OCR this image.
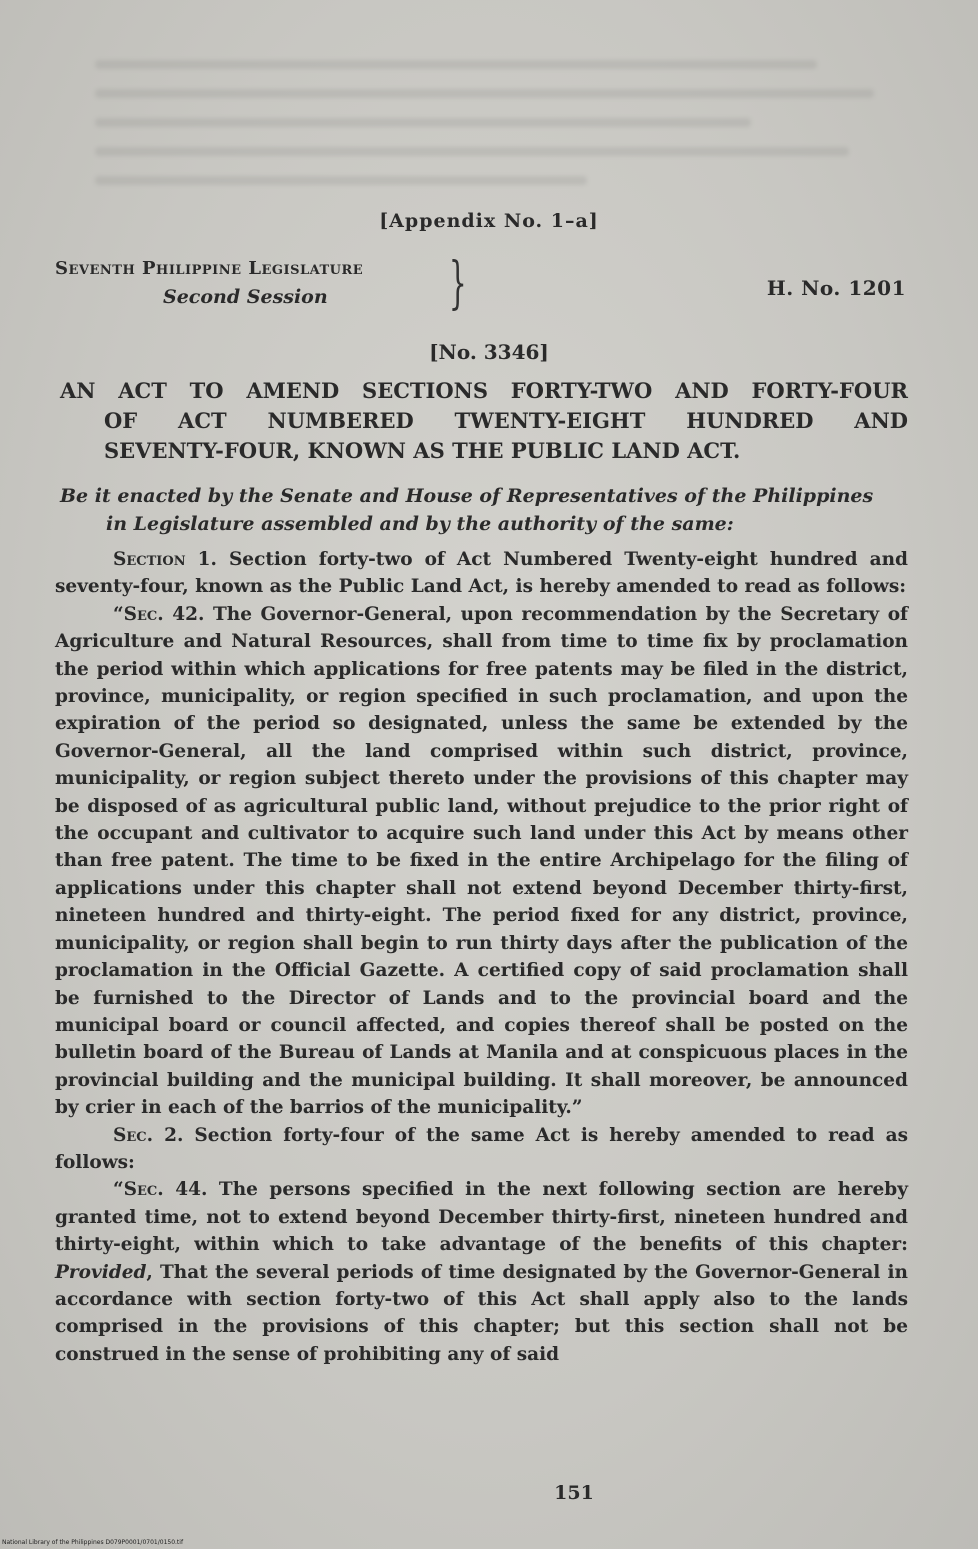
[Appendix No. 1–a]
Seventh Philippine Legislature
Second Session }	H. No. 1201
[No. 3346]
AN ACT TO AMEND SECTIONS FORTY-TWO AND FORTY-FOUR
OF ACT NUMBERED TWENTY-EIGHT HUNDRED AND
SEVENTY-FOUR, KNOWN AS THE PUBLIC LAND ACT.
Be it enacted by the Senate and House of Representatives of the Philippines
in Legislature assembled and by the authority of the same:

Section 1. Section forty-two of Act Numbered Twenty-eight hundred and seventy-four, known as the Public Land Act, is hereby amended to read as follows:

“Sec. 42. The Governor-General, upon recommendation by the Secretary of Agriculture and Natural Resources, shall from time to time fix by proclamation the period within which applications for free patents may be filed in the district, province, municipality, or region specified in such proclamation, and upon the expiration of the period so designated, unless the same be extended by the Governor-General, all the land comprised within such district, province, municipality, or region subject thereto under the provisions of this chapter may be disposed of as agricultural public land, without prejudice to the prior right of the occupant and cultivator to acquire such land under this Act by means other than free patent. The time to be fixed in the entire Archipelago for the filing of applications under this chapter shall not extend beyond December thirty-first, nineteen hundred and thirty-eight. The period fixed for any district, province, municipality, or region shall begin to run thirty days after the publication of the proclamation in the Official Gazette. A certified copy of said proclamation shall be furnished to the Director of Lands and to the provincial board and the municipal board or council affected, and copies thereof shall be posted on the bulletin board of the Bureau of Lands at Manila and at conspicuous places in the provincial building and the municipal building. It shall moreover, be announced by crier in each of the barrios of the municipality.”

Sec. 2. Section forty-four of the same Act is hereby amended to read as follows:

“Sec. 44. The persons specified in the next following section are hereby granted time, not to extend beyond December thirty-first, nineteen hundred and thirty-eight, within which to take advantage of the benefits of this chapter: Provided, That the several periods of time designated by the Governor-General in accordance with section forty-two of this Act shall apply also to the lands comprised in the provisions of this chapter; but this section shall not be construed in the sense of prohibiting any of said

151
National Library of the Philippines D079P0001/0701/0150.tif
